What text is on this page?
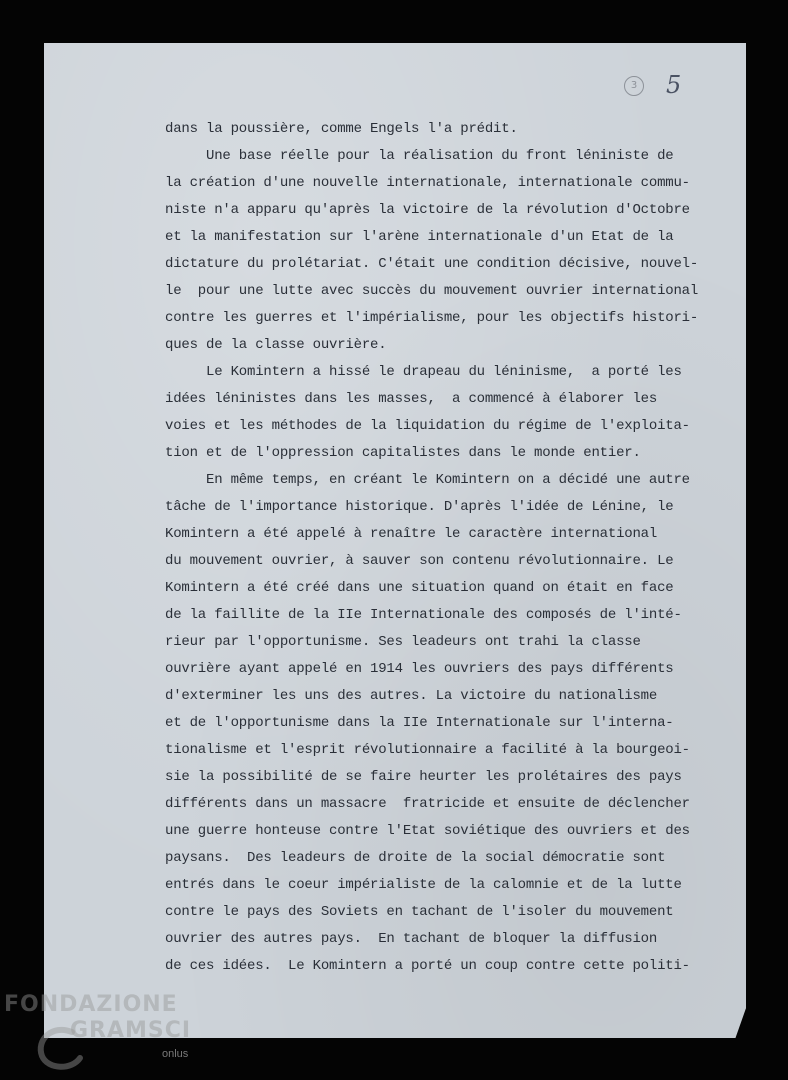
3 5
dans la poussière, comme Engels l'a prédit.
Une base réelle pour la réalisation du front léniniste de
la création d'une nouvelle internationale, internationale commu-
niste n'a apparu qu'après la victoire de la révolution d'Octobre
et la manifestation sur l'arène internationale d'un Etat de la
dictature du prolétariat. C'était une condition décisive, nouvel-
le  pour une lutte avec succès du mouvement ouvrier international
contre les guerres et l'impérialisme, pour les objectifs histori-
ques de la classe ouvrière.
Le Komintern a hissé le drapeau du léninisme,  a porté les
idées léninistes dans les masses,  a commencé à élaborer les
voies et les méthodes de la liquidation du régime de l'exploita-
tion et de l'oppression capitalistes dans le monde entier.
En même temps, en créant le Komintern on a décidé une autre
tâche de l'importance historique. D'après l'idée de Lénine, le
Komintern a été appelé à renaître le caractère international
du mouvement ouvrier, à sauver son contenu révolutionnaire. Le
Komintern a été créé dans une situation quand on était en face
de la faillite de la IIe Internationale des composés de l'inté-
rieur par l'opportunisme. Ses leadeurs ont trahi la classe
ouvrière ayant appelé en 1914 les ouvriers des pays différents
d'exterminer les uns des autres. La victoire du nationalisme
et de l'opportunisme dans la IIe Internationale sur l'interna-
tionalisme et l'esprit révolutionnaire a facilité à la bourgeoi-
sie la possibilité de se faire heurter les prolétaires des pays
différents dans un massacre  fratricide et ensuite de déclencher
une guerre honteuse contre l'Etat soviétique des ouvriers et des
paysans.  Des leadeurs de droite de la social démocratie sont
entrés dans le coeur impérialiste de la calomnie et de la lutte
contre le pays des Soviets en tachant de l'isoler du mouvement
ouvrier des autres pays.  En tachant de bloquer la diffusion
de ces idées.  Le Komintern a porté un coup contre cette politi-
FONDAZIONE
GRAMSCI
onlus
